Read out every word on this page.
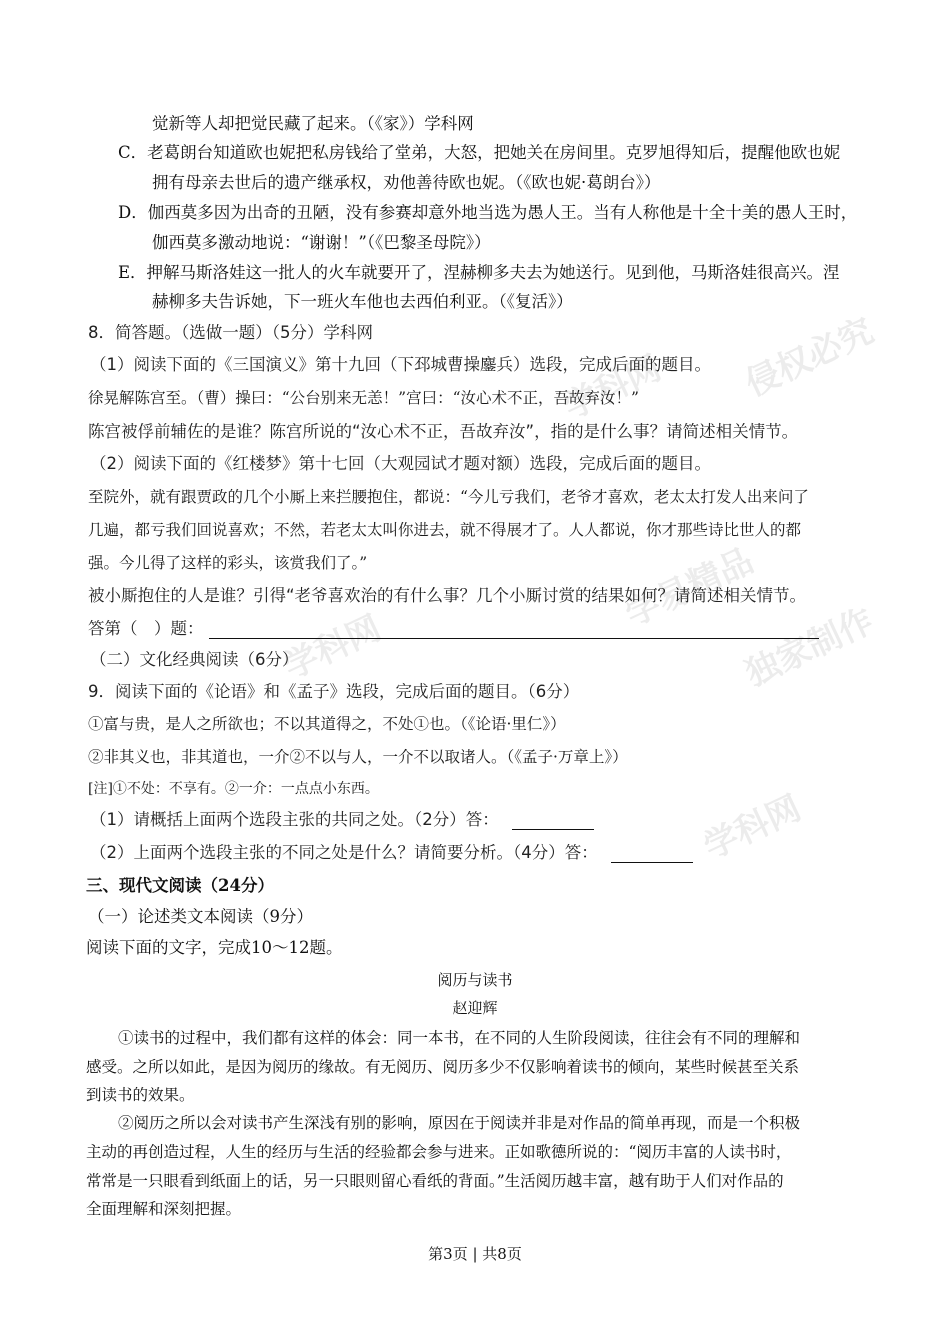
学科网 侵权必究
学易精品
独家制作
学科网
学科网
觉新等人却把觉民藏了起来。（《家》）学科网
C．老葛朗台知道欧也妮把私房钱给了堂弟，大怒，把她关在房间里。克罗旭得知后，提醒他欧也妮
拥有母亲去世后的遗产继承权，劝他善待欧也妮。（《欧也妮·葛朗台》）
D．伽西莫多因为出奇的丑陋，没有参赛却意外地当选为愚人王。当有人称他是十全十美的愚人王时，
伽西莫多激动地说：“谢谢！”（《巴黎圣母院》）
E．押解马斯洛娃这一批人的火车就要开了，涅赫柳多夫去为她送行。见到他，马斯洛娃很高兴。涅
赫柳多夫告诉她，下一班火车他也去西伯利亚。（《复活》）
8．简答题。（选做一题）（5分）学科网
（1）阅读下面的《三国演义》第十九回（下邳城曹操鏖兵）选段，完成后面的题目。
徐晃解陈宫至。（曹）操曰：“公台别来无恙！”宫曰：“汝心术不正，吾故弃汝！”
陈宫被俘前辅佐的是谁？陈宫所说的“汝心术不正，吾故弃汝”，指的是什么事？请简述相关情节。
（2）阅读下面的《红楼梦》第十七回（大观园试才题对额）选段，完成后面的题目。
至院外，就有跟贾政的几个小厮上来拦腰抱住，都说：“今儿亏我们，老爷才喜欢，老太太打发人出来问了
几遍，都亏我们回说喜欢；不然，若老太太叫你进去，就不得展才了。人人都说，你才那些诗比世人的都
强。今儿得了这样的彩头，该赏我们了。”
被小厮抱住的人是谁？引得“老爷喜欢治的有什么事？几个小厮讨赏的结果如何？请简述相关情节。
答第（　）题：
（二）文化经典阅读（6分）
9．阅读下面的《论语》和《孟子》选段，完成后面的题目。（6分）
①富与贵，是人之所欲也；不以其道得之，不处①也。（《论语·里仁》）
②非其义也，非其道也，一介②不以与人，一介不以取诸人。（《孟子·万章上》）
[注]①不处：不享有。②一介：一点点小东西。
（1）请概括上面两个选段主张的共同之处。（2分）答：
（2）上面两个选段主张的不同之处是什么？请简要分析。（4分）答：
三、现代文阅读（24分）
（一）论述类文本阅读（9分）
阅读下面的文字，完成10～12题。
阅历与读书
赵迎辉
①读书的过程中，我们都有这样的体会：同一本书，在不同的人生阶段阅读，往往会有不同的理解和
感受。之所以如此，是因为阅历的缘故。有无阅历、阅历多少不仅影响着读书的倾向，某些时候甚至关系
到读书的效果。
②阅历之所以会对读书产生深浅有别的影响，原因在于阅读并非是对作品的简单再现，而是一个积极
主动的再创造过程，人生的经历与生活的经验都会参与进来。正如歌德所说的：“阅历丰富的人读书时，
常常是一只眼看到纸面上的话，另一只眼则留心看纸的背面。”生活阅历越丰富，越有助于人们对作品的
全面理解和深刻把握。
第3页 | 共8页
